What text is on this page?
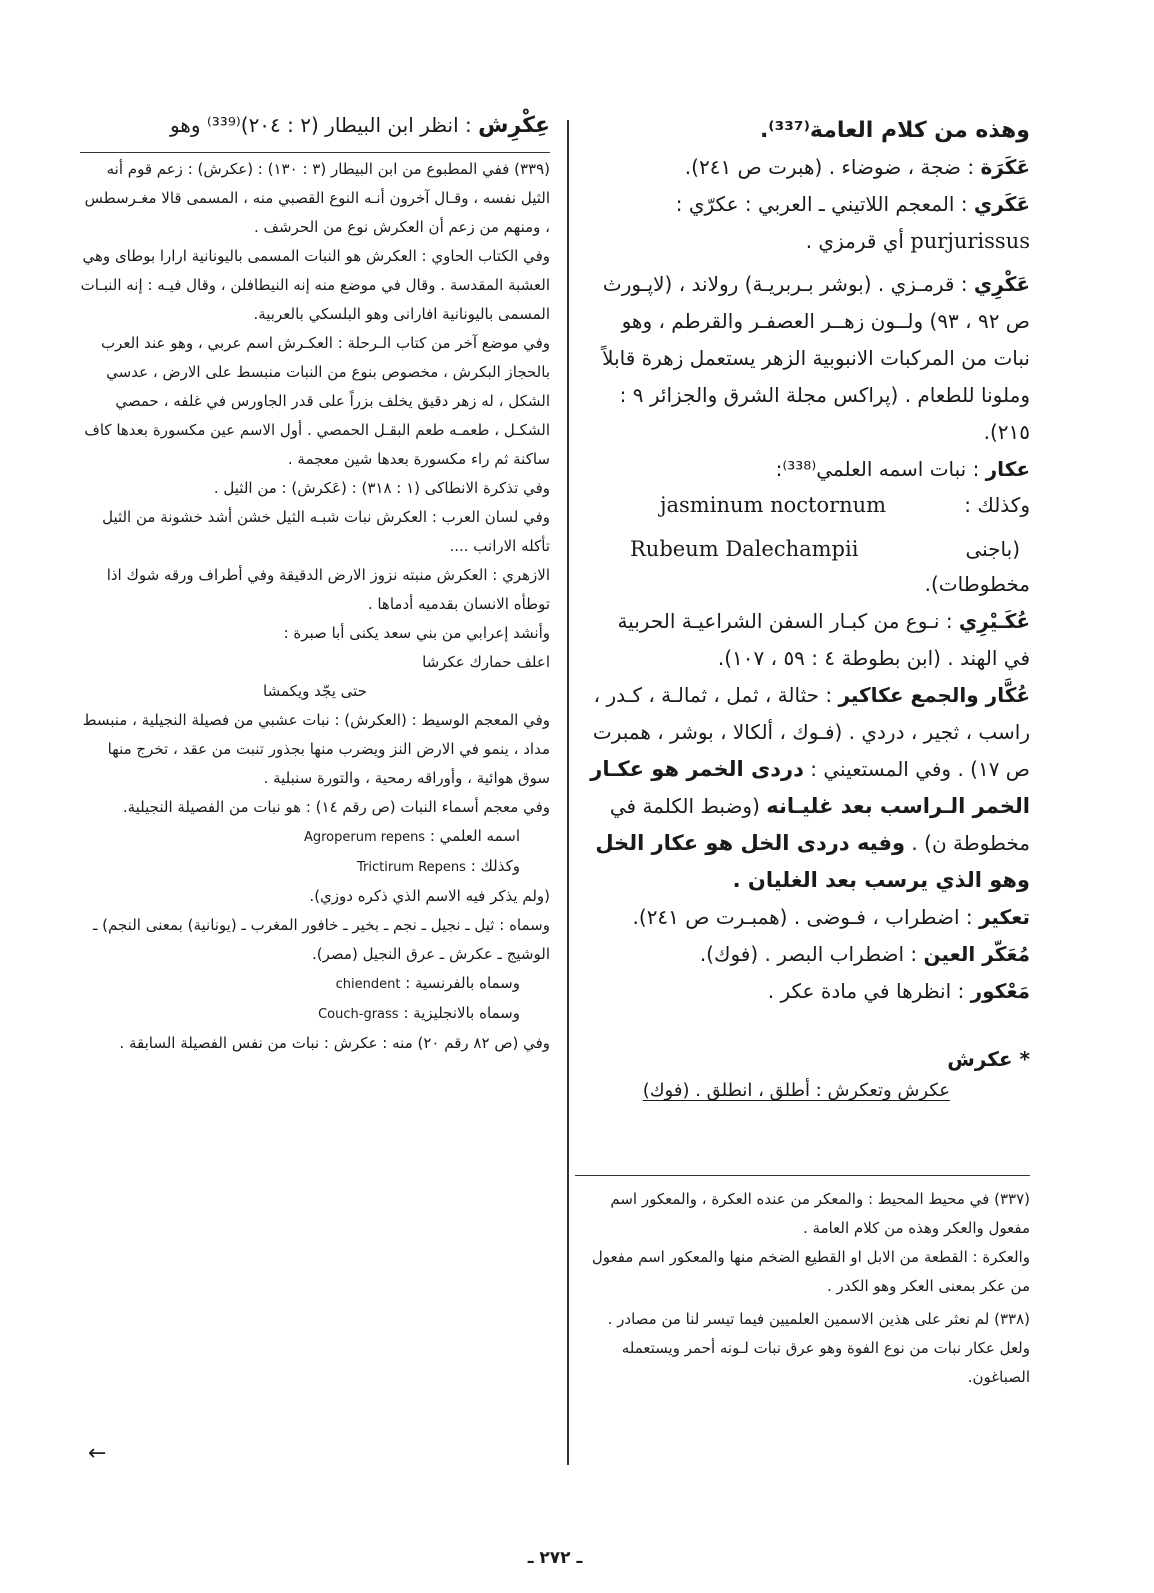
وهذه من كلام العامة⁽³³⁷⁾.

عَكَرَة : ضجة ، ضوضاء . (هبرت ص ٢٤١).

عَكَري : المعجم اللاتيني ـ العربي : عكرّي : purjurissus أي قرمزي .

عَكْرِي : قرمـزي . (بوشر بـربريـة) رولاند ، (لاپـورث ص ٩٢ ، ٩٣) ولــون زهــر العصفـر والقرطم ، وهو نبات من المركبات الانبوبية الزهر يستعمل زهرة قابلاً وملونا للطعام . (پراكس مجلة الشرق والجزائر ٩ : ٢١٥).

عكار : نبات اسمه العلمي⁽³³⁸⁾:

وكذلك :
jasminum noctornum
(باجنى
Rubeum Dalechampii

مخطوطات).

عُكَـيْرِي : نـوع من كبـار السفن الشراعيـة الحربية في الهند . (ابن بطوطة ٤ : ٥٩ ، ١٠٧).

عُكَّار والجمع عكاكير : حثالة ، ثمل ، ثمالـة ، كـدر ، راسب ، ثجير ، دردي . (فـوك ، ألكالا ، بوشر ، همبرت ص ١٧) . وفي المستعيني : دردى الخمر هو عكـار الخمر الـراسب بعد غليـانه (وضبط الكلمة في مخطوطة ن) . وفيه دردى الخل هو عكار الخل وهو الذي يرسب بعد الغليان .

تعكير : اضطراب ، فـوضى . (همبـرت ص ٢٤١).

مُعَكّر العين : اضطراب البصر . (فوك).

مَعْكور : انظرها في مادة عكر .

* عكرش

عكرش وتعكرش : أطلق ، انطلق . (فوك)

(٣٣٧) في محيط المحيط : والمعكر من عنده العكرة ، والمعكور اسم مفعول والعكر وهذه من كلام العامة .

والعكرة : القطعة من الابل او القطيع الضخم منها والمعكور اسم مفعول من عكر بمعنى العكر وهو الكدر .

(٣٣٨) لم نعثر على هذين الاسمين العلميين فيما تيسر لنا من مصادر .

ولعل عكار نبات من نوع الفوة وهو عرق نبات لـونه أحمر ويستعمله الصباغون.

عِكْرِش : انظر ابن البيطار (٢ : ٢٠٤)⁽³³⁹⁾ وهو

(٣٣٩) ففي المطبوع من ابن البيطار (٣ : ١٣٠) : (عكرش) : زعم قوم أنه الثيل نفسه ، وقـال آخرون أنـه النوع القصبي منه ، المسمى قالا مغـرسطس ، ومنهم من زعم أن العكرش نوع من الحرشف .

وفي الكتاب الحاوي : العكرش هو النبات المسمى باليونانية ارارا بوطاى وهي العشبة المقدسة . وقال في موضع منه إنه النيطافلن ، وقال فيـه : إنه النبـات المسمى باليونانية افارانى وهو البلسكي بالعربية.

وفي موضع آخر من كتاب الـرحلة : العكـرش اسم عربي ، وهو عند العرب بالحجاز البكرش ، مخصوص بنوع من النبات منبسط على الارض ، عدسي الشكل ، له زهر دقيق يخلف بزراً على قدر الجاورس في غلفه ، حمصي الشكـل ، طعمـه طعم البقـل الحمصي . أول الاسم عين مكسورة بعدها كاف ساكنة ثم راء مكسورة بعدها شين معجمة .

وفي تذكرة الانطاكى (١ : ٣١٨) : (عَكرش) : من الثيل .

وفي لسان العرب : العكرش نبات شبـه الثيل خشن أشد خشونة من الثيل تأكله الارانب ....

الازهري : العكرش منبته نزوز الارض الدقيقة وفي أطراف ورقه شوك اذا توطأه الانسان بقدميه أدماها .

وأنشد إعرابي من بني سعد يكنى أبا صبرة :

اعلف حمارك عكرشا

حتى يجّد ويكمشا

وفي المعجم الوسيط : (العكرش) : نبات عشبي من فصيلة النجيلية ، منبسط مداد ، ينمو في الارض النز ويضرب منها بجذور تنبت من عقد ، تخرج منها سوق هوائية ، وأوراقه رمحية ، والتورة سنبلية .

وفي معجم أسماء النبات (ص رقم ١٤) : هو نبات من الفصيلة النجيلية.

اسمه العلمي : Agroperum repens

وكذلك : Trictirum Repens

(ولم يذكر فيه الاسم الذي ذكره دوزي).

وسماه : ثيل ـ نجيل ـ نجم ـ بخير ـ خافور المغرب ـ (يونانية) بمعنى النجم) ـ الوشيج ـ عكرش ـ عرق النجيل (مصر).

وسماه بالفرنسية : chiendent

وسماه بالانجليزية : Couch-grass

وفي (ص ٨٢ رقم ٢٠) منه : عكرش : نبات من نفس الفصيلة السابقة .

←
ـ ٢٧٢ ـ
